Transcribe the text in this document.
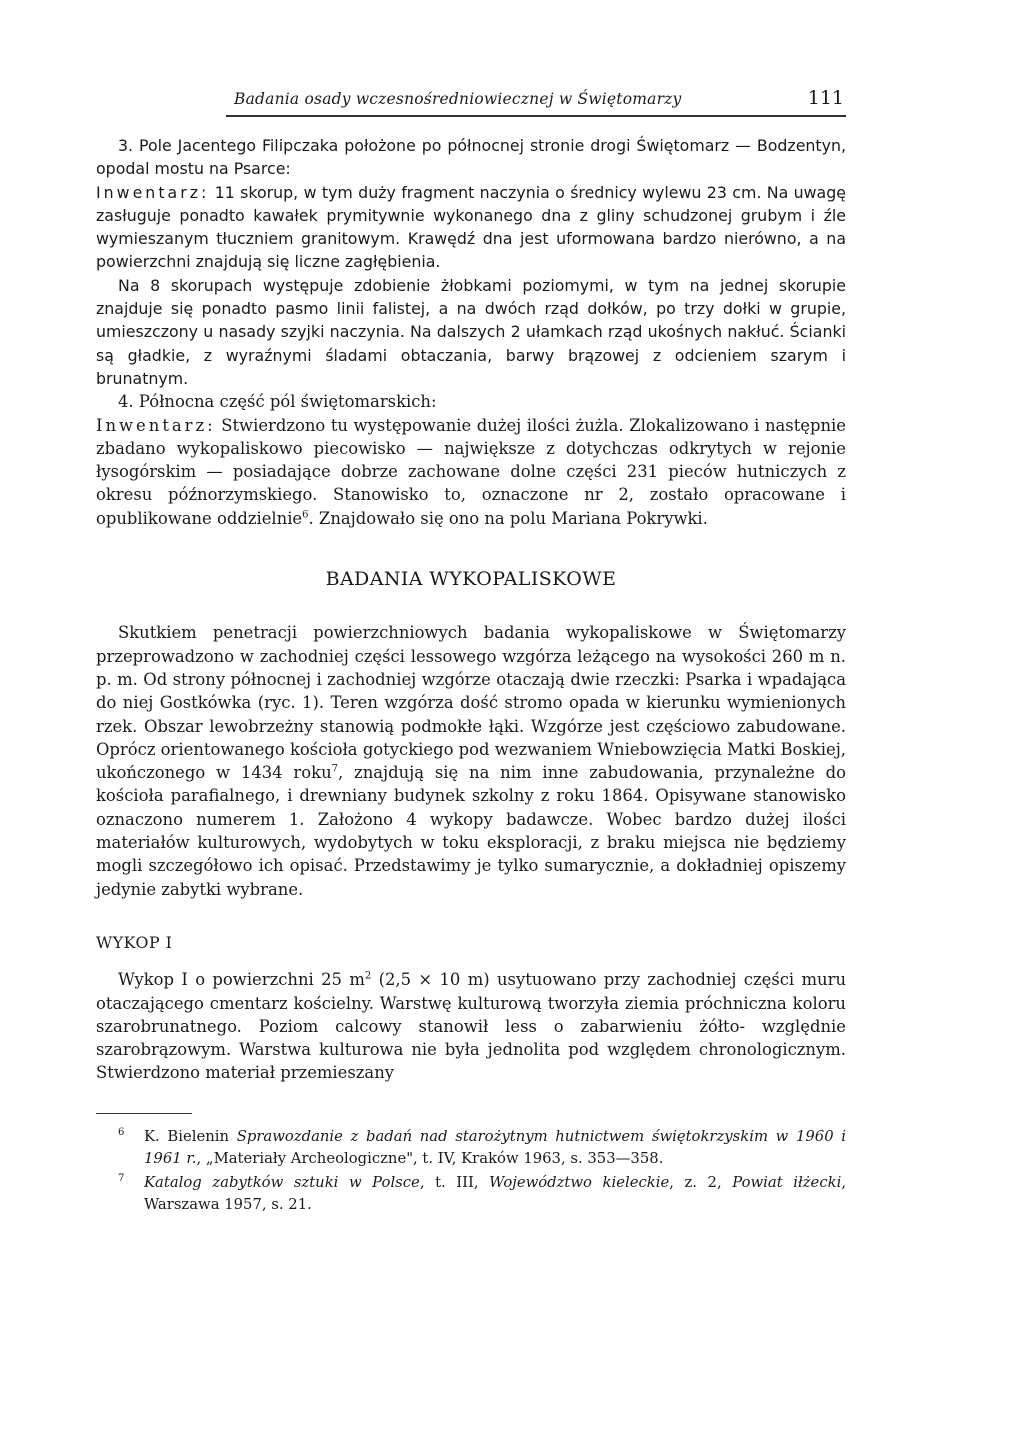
Badania osady wczesnośredniowiecznej w Świętomarzy	111

3. Pole Jacentego Filipczaka położone po północnej stronie drogi Świętomarz — Bodzentyn, opodal mostu na Psarce:

Inwentarz: 11 skorup, w tym duży fragment naczynia o średnicy wylewu 23 cm. Na uwagę zasługuje ponadto kawałek prymitywnie wykonanego dna z gliny schudzonej grubym i źle wymieszanym tłuczniem granitowym. Krawędź dna jest uformowana bardzo nierówno, a na powierzchni znajdują się liczne zagłębienia.

Na 8 skorupach występuje zdobienie żłobkami poziomymi, w tym na jednej skorupie znajduje się ponadto pasmo linii falistej, a na dwóch rząd dołków, po trzy dołki w grupie, umieszczony u nasady szyjki naczynia. Na dalszych 2 ułamkach rząd ukośnych nakłuć. Ścianki są gładkie, z wyraźnymi śladami obtaczania, barwy brązowej z odcieniem szarym i brunatnym.

4. Północna część pól świętomarskich:

Inwentarz: Stwierdzono tu występowanie dużej ilości żużla. Zlokalizowano i następnie zbadano wykopaliskowo piecowisko — największe z dotychczas odkrytych w rejonie łysogórskim — posiadające dobrze zachowane dolne części 231 pieców hutniczych z okresu późnorzymskiego. Stanowisko to, oznaczone nr 2, zostało opracowane i opublikowane oddzielnie$^6$. Znajdowało się ono na polu Mariana Pokrywki.

BADANIA WYKOPALISKOWE

Skutkiem penetracji powierzchniowych badania wykopaliskowe w Świętomarzy przeprowadzono w zachodniej części lessowego wzgórza leżącego na wysokości 260 m n. p. m. Od strony północnej i zachodniej wzgórze otaczają dwie rzeczki: Psarka i wpadająca do niej Gostkówka (ryc. 1). Teren wzgórza dość stromo opada w kierunku wymienionych rzek. Obszar lewobrzeżny stanowią podmokłe łąki. Wzgórze jest częściowo zabudowane. Oprócz orientowanego kościoła gotyckiego pod wezwaniem Wniebowzięcia Matki Boskiej, ukończonego w 1434 roku$^7$, znajdują się na nim inne zabudowania, przynależne do kościoła parafialnego, i drewniany budynek szkolny z roku 1864. Opisywane stanowisko oznaczono numerem 1. Założono 4 wykopy badawcze. Wobec bardzo dużej ilości materiałów kulturowych, wydobytych w toku eksploracji, z braku miejsca nie będziemy mogli szczegółowo ich opisać. Przedstawimy je tylko sumarycznie, a dokładniej opiszemy jedynie zabytki wybrane.

WYKOP I

Wykop I o powierzchni 25 $m^2$ (2,5 × 10 m) usytuowano przy zachodniej części muru otaczającego cmentarz kościelny. Warstwę kulturową tworzyła ziemia próchniczna koloru szarobrunatnego. Poziom calcowy stanowił less o zabarwieniu żółto- względnie szarobrązowym. Warstwa kulturowa nie była jednolita pod względem chronologicznym. Stwierdzono materiał przemieszany

6 K. Bielenin Sprawozdanie z badań nad starożytnym hutnictwem świętokrzyskim w 1960 i 1961 r., „Materiały Archeologiczne", t. IV, Kraków 1963, s. 353—358.
7 Katalog zabytków sztuki w Polsce, t. III, Województwo kieleckie, z. 2, Powiat iłżecki, Warszawa 1957, s. 21.
